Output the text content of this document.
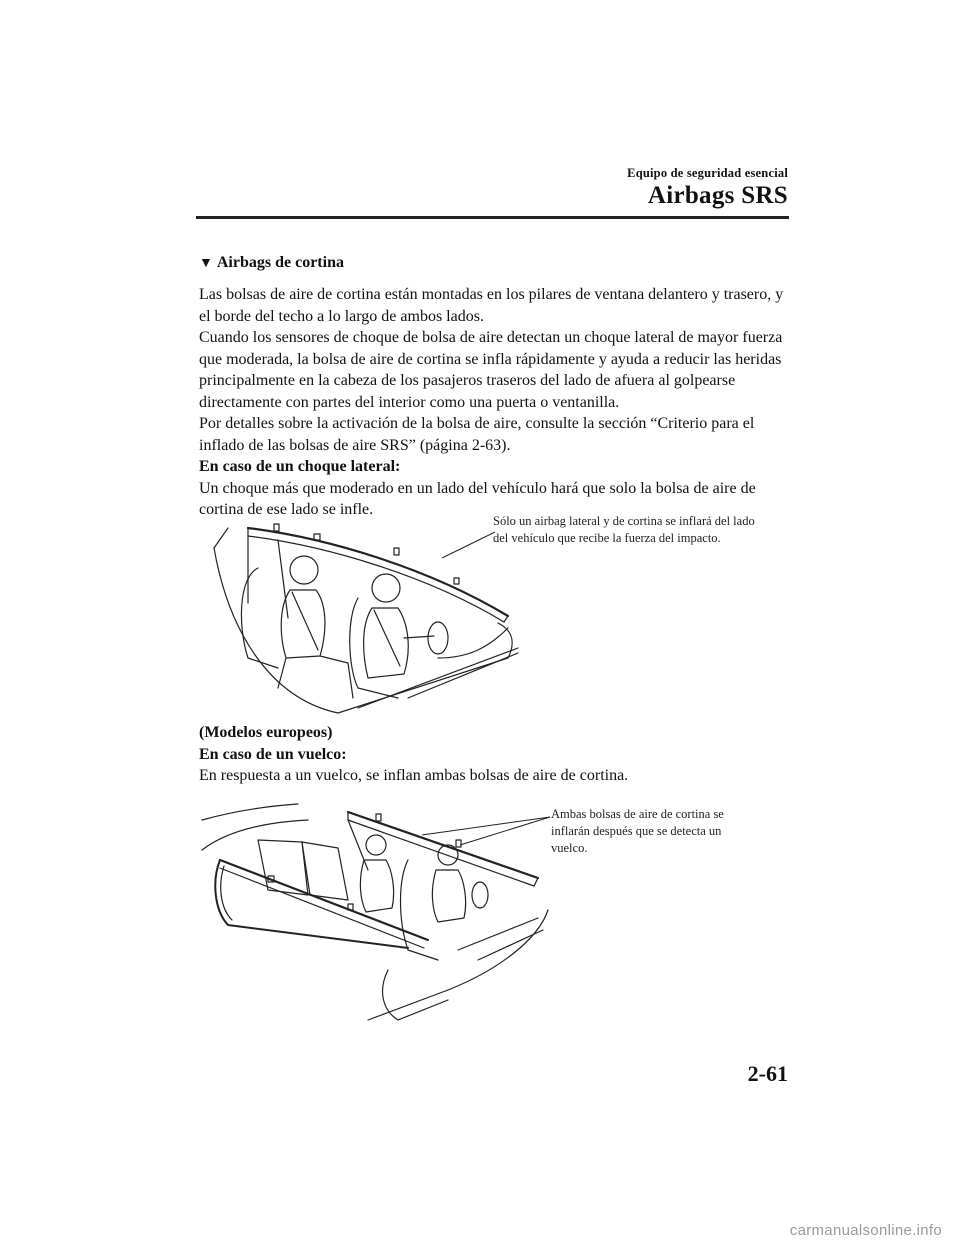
Equipo de seguridad esencial
Airbags SRS
▼ Airbags de cortina
Las bolsas de aire de cortina están montadas en los pilares de ventana delantero y trasero, y el borde del techo a lo largo de ambos lados.
Cuando los sensores de choque de bolsa de aire detectan un choque lateral de mayor fuerza que moderada, la bolsa de aire de cortina se infla rápidamente y ayuda a reducir las heridas principalmente en la cabeza de los pasajeros traseros del lado de afuera al golpearse directamente con partes del interior como una puerta o ventanilla.
Por detalles sobre la activación de la bolsa de aire, consulte la sección “Criterio para el inflado de las bolsas de aire SRS” (página 2-63).
En caso de un choque lateral:
Un choque más que moderado en un lado del vehículo hará que solo la bolsa de aire de cortina de ese lado se infle.
Sólo un airbag lateral y de cortina se inflará del lado del vehículo que recibe la fuerza del impacto.
(Modelos europeos)
En caso de un vuelco:
En respuesta a un vuelco, se inflan ambas bolsas de aire de cortina.
Ambas bolsas de aire de cortina se inflarán después que se detecta un vuelco.
2-61
carmanualsonline.info
